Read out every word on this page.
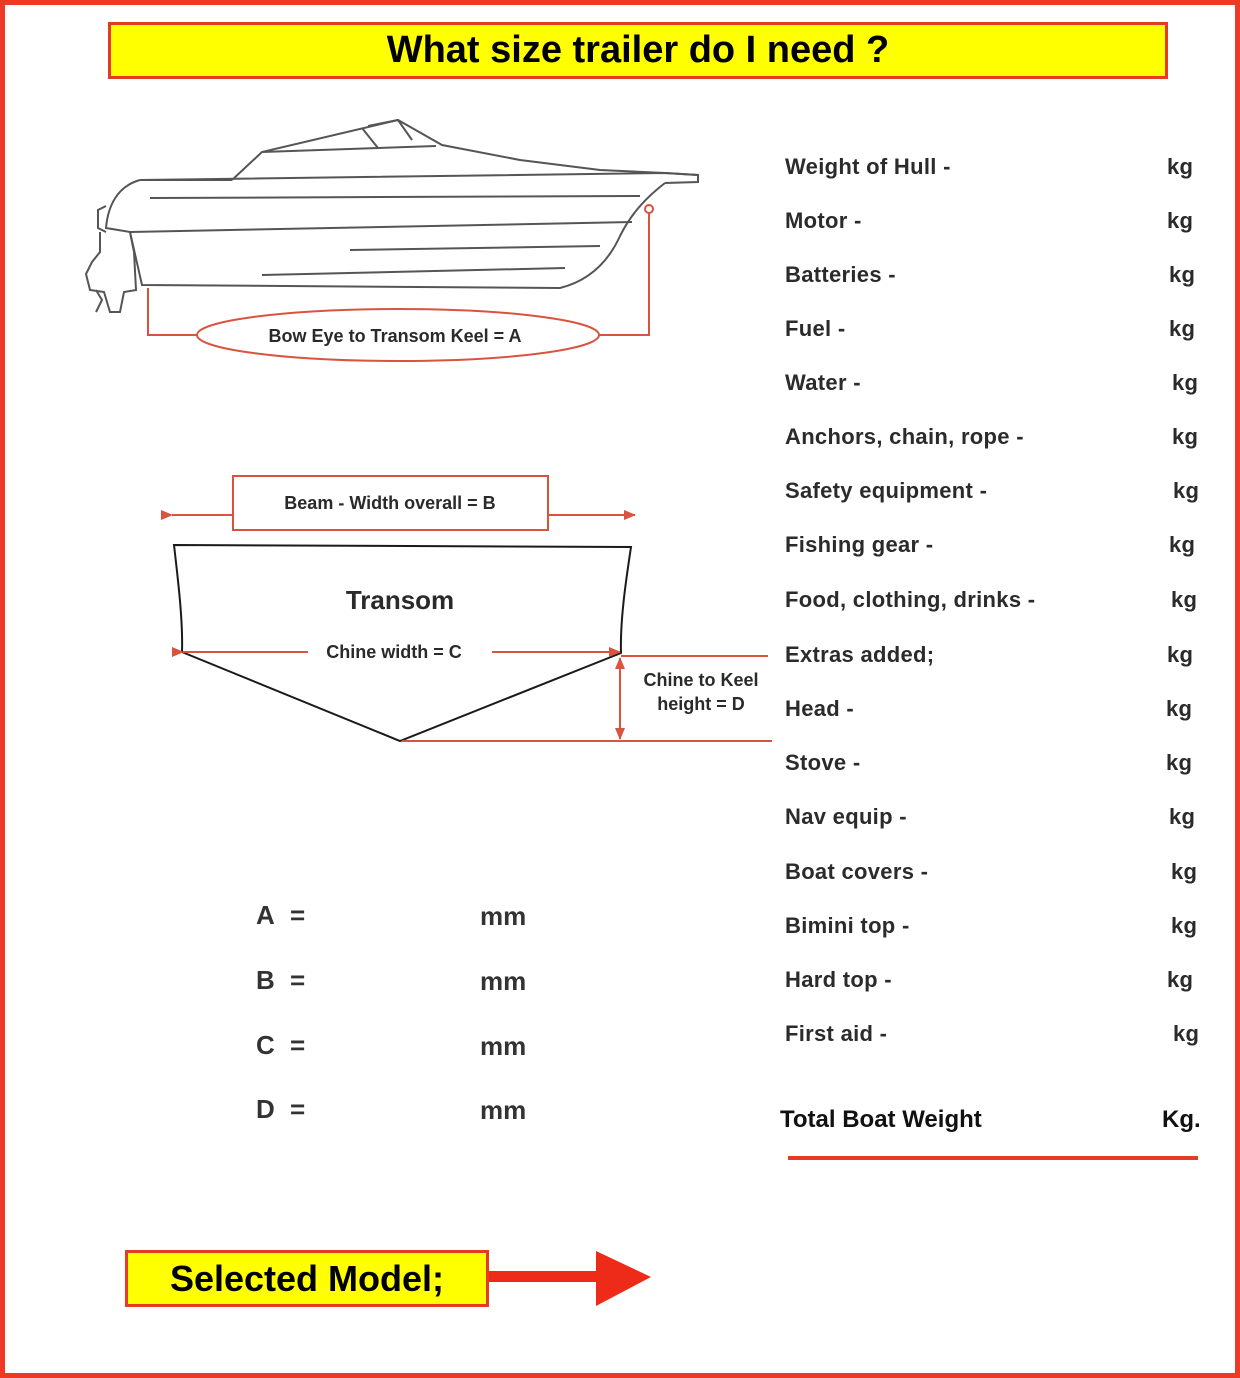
What size trailer do I need ?
Bow Eye to Transom Keel = A
Beam - Width overall = B
Transom
Chine width = C
Chine to Keel
height = D
Weight of Hull -	kg
Motor -	kg
Batteries -	kg
Fuel -	kg
Water -	kg
Anchors, chain, rope -	kg
Safety equipment -	kg
Fishing gear -	kg
Food, clothing, drinks -	kg
Extras added;	kg
Head -	kg
Stove -	kg
Nav equip -	kg
Boat covers -	kg
Bimini top -	kg
Hard top -	kg
First aid -	kg
Total Boat Weight	Kg.
A =	mm
B =	mm
C =	mm
D =	mm
Selected Model;
